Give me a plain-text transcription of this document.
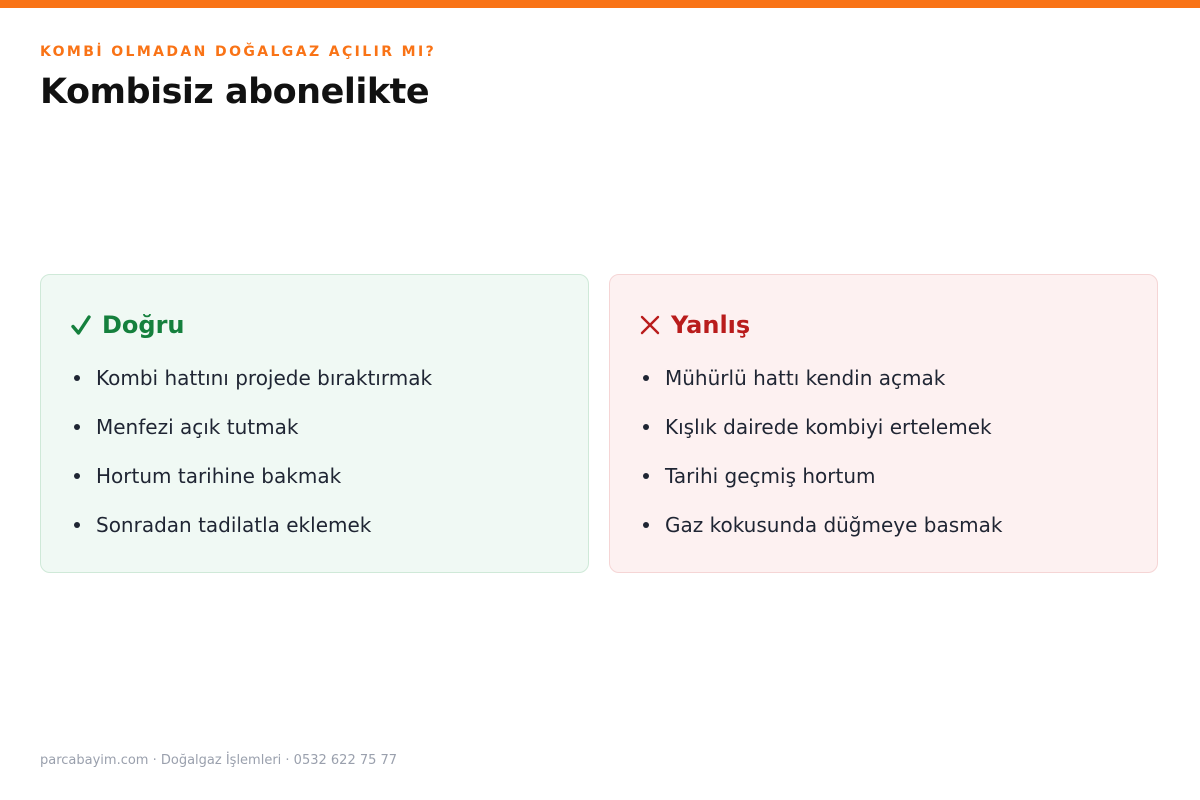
KOMBİ OLMADAN DOĞALGAZ AÇILIR MI?
Kombisiz abonelikte
Doğru
Kombi hattını projede bıraktırmak
Menfezi açık tutmak
Hortum tarihine bakmak
Sonradan tadilatla eklemek
Yanlış
Mühürlü hattı kendin açmak
Kışlık dairede kombiyi ertelemek
Tarihi geçmiş hortum
Gaz kokusunda düğmeye basmak
parcabayim.com · Doğalgaz İşlemleri · 0532 622 75 77
